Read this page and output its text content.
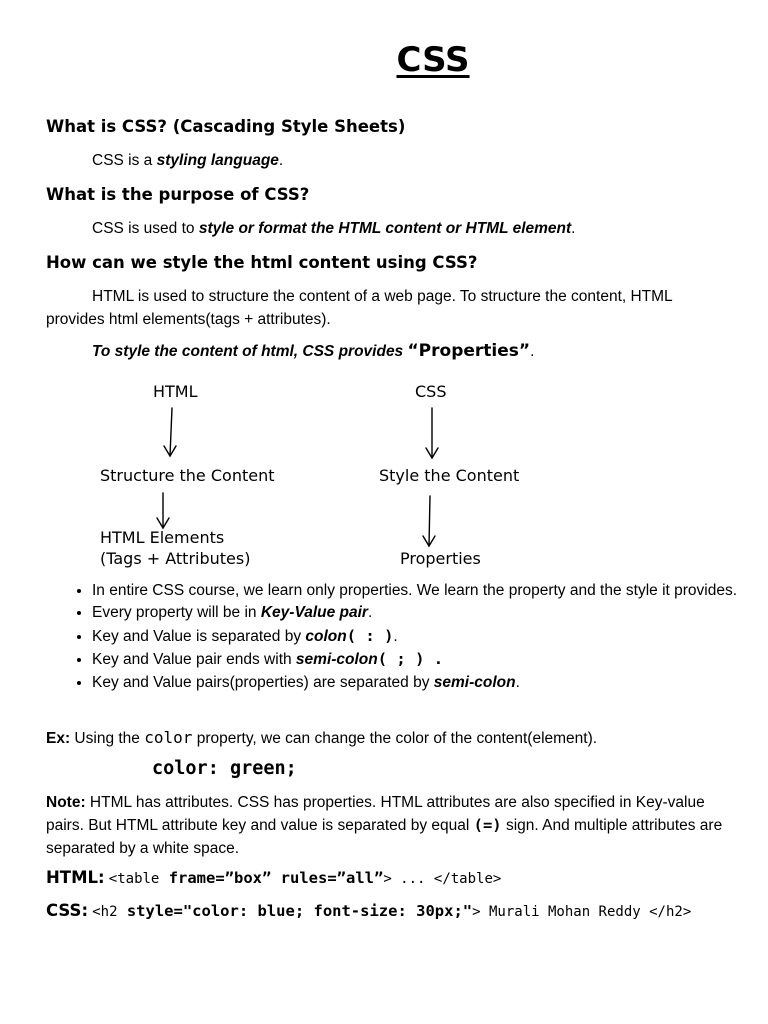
CSS
What is CSS? (Cascading Style Sheets)
CSS is a styling language.
What is the purpose of CSS?
CSS is used to style or format the HTML content or HTML element.
How can we style the html content using CSS?
HTML is used to structure the content of a web page. To structure the content, HTML provides html elements(tags + attributes).
To style the content of html, CSS provides “Properties”.
HTML
Structure the Content
HTML Elements
(Tags + Attributes)
CSS
Style the Content
Properties
• In entire CSS course, we learn only properties. We learn the property and the style it provides.
• Every property will be in Key-Value pair.
• Key and Value is separated by colon( : ).
• Key and Value pair ends with semi-colon( ; ) .
• Key and Value pairs(properties) are separated by semi-colon.
Ex: Using the color property, we can change the color of the content(element).
color: green;
Note: HTML has attributes. CSS has properties. HTML attributes are also specified in Key-value pairs. But HTML attribute key and value is separated by equal (=) sign. And multiple attributes are separated by a white space.
HTML: <table frame=”box” rules=”all”> ... </table>
CSS: <h2 style="color: blue; font-size: 30px;"> Murali Mohan Reddy </h2>
